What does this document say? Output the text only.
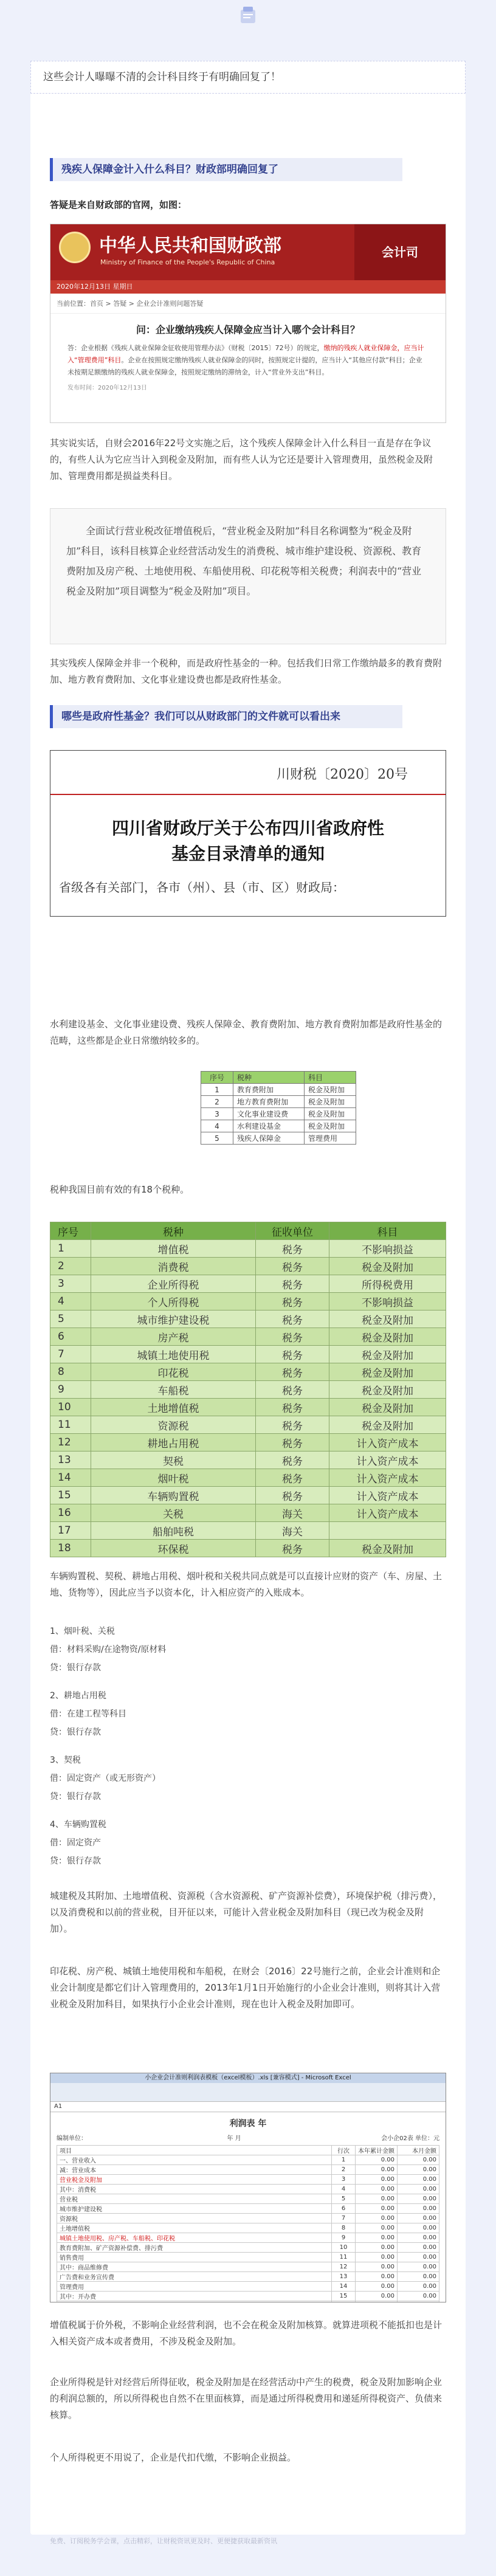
这些会计人曝曝不清的会计科目终于有明确回复了！
残疾人保障金计入什么科目？财政部明确回复了

答疑是来自财政部的官网，如图：

中华人民共和国财政部
Ministry of Finance of the People's Republic of China
会计司
2020年12月13日 星期日
当前位置：首页 > 答疑 > 企业会计准则问题答疑
问：企业缴纳残疾人保障金应当计入哪个会计科目？
答：企业根据《残疾人就业保障金征收使用管理办法》（财税〔2015〕72号）的规定，缴纳的残疾人就业保障金，应当计入“管理费用”科目。企业在按照规定缴纳残疾人就业保障金的同时，按照规定计提的，应当计入“其他应付款”科目；企业未按期足额缴纳的残疾人就业保障金，按照规定缴纳的滞纳金，计入“营业外支出”科目。
发布时间：2020年12月13日

其实说实话，自财会2016年22号文实施之后，这个残疾人保障金计入什么科目一直是存在争议的，有些人认为它应当计入到税金及附加，而有些人认为它还是要计入管理费用，虽然税金及附加、管理费用都是损益类科目。

全面试行营业税改征增值税后，“营业税金及附加”科目名称调整为“税金及附加”科目，该科目核算企业经营活动发生的消费税、城市维护建设税、资源税、教育费附加及房产税、土地使用税、车船使用税、印花税等相关税费；利润表中的“营业税金及附加”项目调整为“税金及附加”项目。

其实残疾人保障金并非一个税种，而是政府性基金的一种。包括我们日常工作缴纳最多的教育费附加、地方教育费附加、文化事业建设费也都是政府性基金。

哪些是政府性基金？我们可以从财政部门的文件就可以看出来
川财税〔2020〕20号
四川省财政厅关于公布四川省政府性
基金目录清单的通知
省级各有关部门，各市（州）、县（市、区）财政局：

水利建设基金、文化事业建设费、残疾人保障金、教育费附加、地方教育费附加都是政府性基金的范畴，这些都是企业日常缴纳较多的。

序号	税种	科目
1	教育费附加	税金及附加
2	地方教育费附加	税金及附加
3	文化事业建设费	税金及附加
4	水利建设基金	税金及附加
5	残疾人保障金	管理费用

税种我国目前有效的有18个税种。

序号	税种	征收单位	科目
1	增值税	税务	不影响损益
2	消费税	税务	税金及附加
3	企业所得税	税务	所得税费用
4	个人所得税	税务	不影响损益
5	城市维护建设税	税务	税金及附加
6	房产税	税务	税金及附加
7	城镇土地使用税	税务	税金及附加
8	印花税	税务	税金及附加
9	车船税	税务	税金及附加
10	土地增值税	税务	税金及附加
11	资源税	税务	税金及附加
12	耕地占用税	税务	计入资产成本
13	契税	税务	计入资产成本
14	烟叶税	税务	计入资产成本
15	车辆购置税	税务	计入资产成本
16	关税	海关	计入资产成本
17	船舶吨税	海关	
18	环保税	税务	税金及附加

车辆购置税、契税、耕地占用税、烟叶税和关税共同点就是可以直接计应财的资产（车、房屋、土地、货物等），因此应当予以资本化，计入相应资产的入账成本。

1、烟叶税、关税

借：材料采购/在途物资/原材料

贷：银行存款

2、耕地占用税

借：在建工程等科目

贷：银行存款

3、契税

借：固定资产（或无形资产）

贷：银行存款

4、车辆购置税

借：固定资产

贷：银行存款

城建税及其附加、土地增值税、资源税（含水资源税、矿产资源补偿费），环境保护税（排污费），以及消费税和以前的营业税，目开征以来，可能计入营业税金及附加科目（现已改为税金及附加）。

印花税、房产税、城镇土地使用税和车船税，在财会〔2016〕22号施行之前，企业会计准则和企业会计制度是都它们计入管理费用的，2013年1月1日开始施行的小企业会计准则，则将其计入营业税金及附加科目，如果执行小企业会计准则，现在也计入税金及附加即可。

小企业会计准则利润表模板（excel模板）.xls [兼容模式] - Microsoft Excel
A1
利润表 年
编制单位：	年 月	会小企02表 单位：元
项目	行次	本年累计金额	本月金额
一、营业收入	1	0.00	0.00
减：营业成本	2	0.00	0.00
营业税金及附加	3	0.00	0.00
其中：消费税	4	0.00	0.00
营业税	5	0.00	0.00
城市维护建设税	6	0.00	0.00
资源税	7	0.00	0.00
土地增值税	8	0.00	0.00
城镇土地使用税、房产税、车船税、印花税	9	0.00	0.00
教育费附加、矿产资源补偿费、排污费	10	0.00	0.00
销售费用	11	0.00	0.00
其中：商品维修费	12	0.00	0.00
广告费和业务宣传费	13	0.00	0.00
管理费用	14	0.00	0.00
其中：开办费	15	0.00	0.00

增值税属于价外税，不影响企业经营利润，也不会在税金及附加核算。就算进项税不能抵扣也是计入相关资产成本或者费用，不涉及税金及附加。

企业所得税是针对经营后所得征收，税金及附加是在经营活动中产生的税费，税金及附加影响企业的利润总额的，所以所得税也自然不在里面核算，而是通过所得税费用和递延所得税资产、负债来核算。

个人所得税更不用说了，企业是代扣代缴，不影响企业损益。

免费、订阅税务学会课，点击精彩，让财税资讯更及时、更便捷获取最新资讯
